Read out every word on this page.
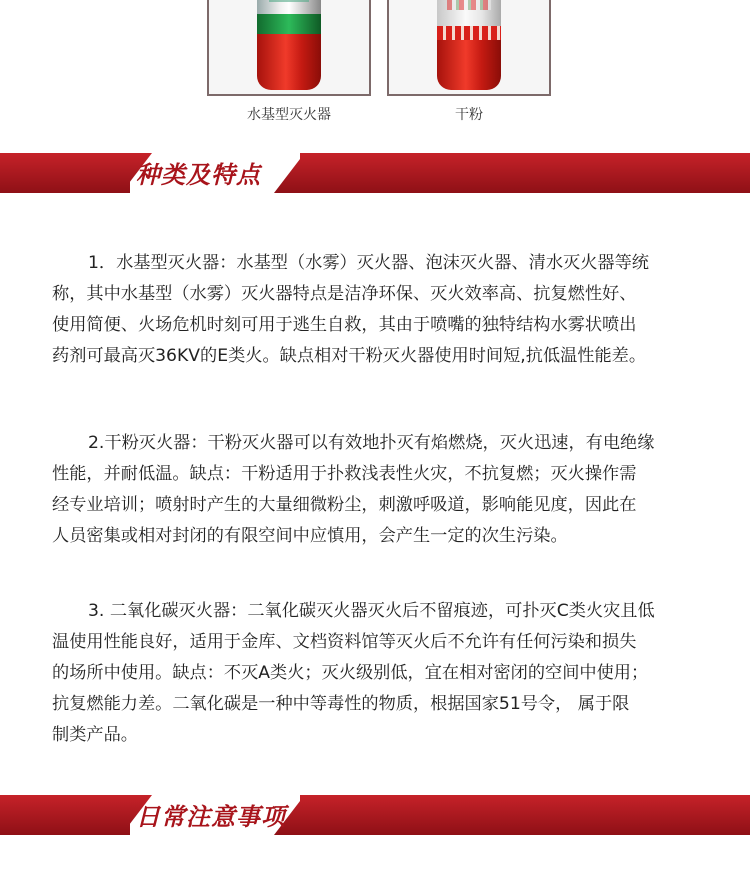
水基型灭火器	干粉
种类及特点
1．水基型灭火器：水基型（水雾）灭火器、泡沫灭火器、清水灭火器等统
称，其中水基型（水雾）灭火器特点是洁净环保、灭火效率高、抗复燃性好、
使用简便、火场危机时刻可用于逃生自救，其由于喷嘴的独特结构水雾状喷出
药剂可最高灭36KV的E类火。缺点相对干粉灭火器使用时间短,抗低温性能差。
2.干粉灭火器：干粉灭火器可以有效地扑灭有焰燃烧，灭火迅速，有电绝缘
性能，并耐低温。缺点：干粉适用于扑救浅表性火灾，不抗复燃；灭火操作需
经专业培训；喷射时产生的大量细微粉尘，刺激呼吸道，影响能见度，因此在
人员密集或相对封闭的有限空间中应慎用，会产生一定的次生污染。
3. 二氧化碳灭火器：二氧化碳灭火器灭火后不留痕迹，可扑灭C类火灾且低
温使用性能良好，适用于金库、文档资料馆等灭火后不允许有任何污染和损失
的场所中使用。缺点：不灭A类火；灭火级别低，宜在相对密闭的空间中使用；
抗复燃能力差。二氧化碳是一种中等毒性的物质，根据国家51号令， 属于限
制类产品。
日常注意事项
